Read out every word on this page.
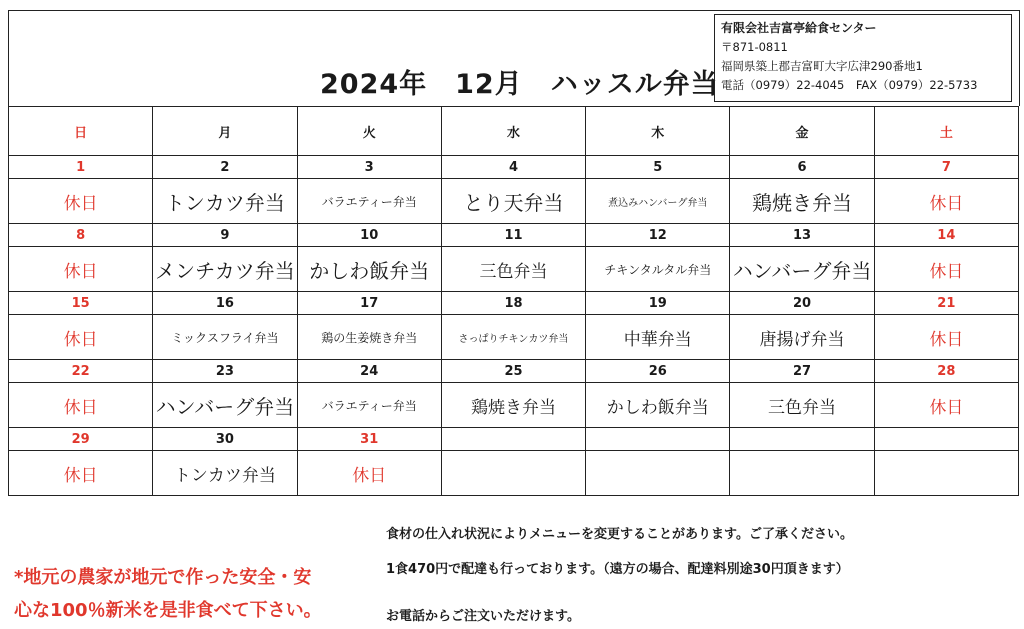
2024年　12月　ハッスル弁当
有限会社吉富亭給食センター
〒871-0811
福岡県築上郡吉富町大字広津290番地1
電話（0979）22-4045　FAX（0979）22-5733
日	月	火	水	木	金	土
1	2	3	4	5	6	7
休日	トンカツ弁当	バラエティー弁当	とり天弁当	煮込みハンバーグ弁当	鶏焼き弁当	休日
8	9	10	11	12	13	14
休日	メンチカツ弁当	かしわ飯弁当	三色弁当	チキンタルタル弁当	ハンバーグ弁当	休日
15	16	17	18	19	20	21
休日	ミックスフライ弁当	鶏の生姜焼き弁当	さっぱりチキンカツ弁当	中華弁当	唐揚げ弁当	休日
22	23	24	25	26	27	28
休日	ハンバーグ弁当	バラエティー弁当	鶏焼き弁当	かしわ飯弁当	三色弁当	休日
29	30	31				
休日	トンカツ弁当	休日				
*地元の農家が地元で作った安全・安
心な100％新米を是非食べて下さい。
食材の仕入れ状況によりメニューを変更することがあります。ご了承ください。
1食470円で配達も行っております。（遠方の場合、配達料別途30円頂きます）
お電話からご注文いただけます。
